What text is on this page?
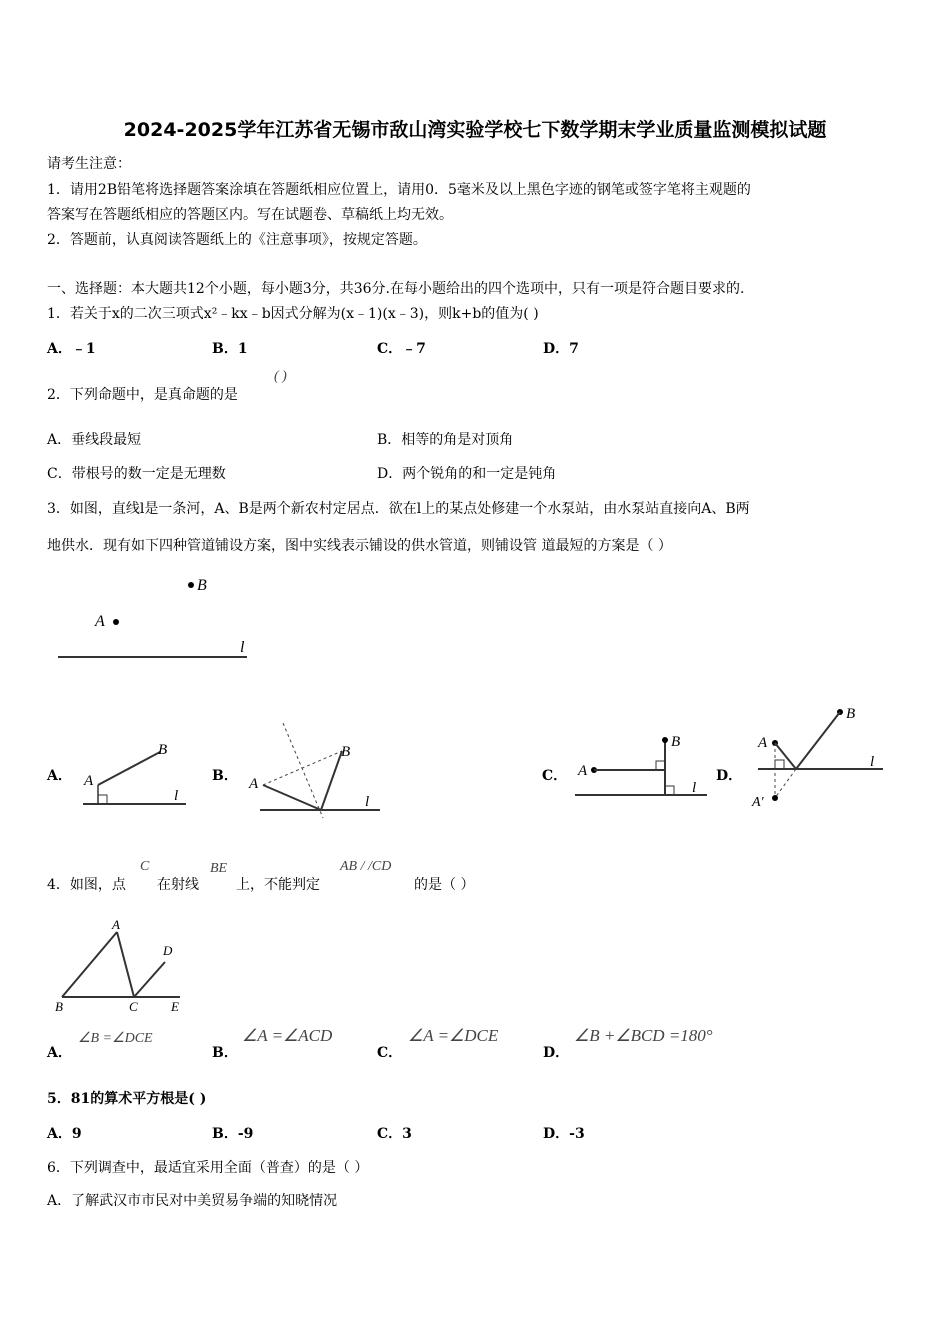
2024-2025学年江苏省无锡市敌山湾实验学校七下数学期末学业质量监测模拟试题
请考生注意：
1．请用2B铅笔将选择题答案涂填在答题纸相应位置上，请用0．5毫米及以上黑色字迹的钢笔或签字笔将主观题的
答案写在答题纸相应的答题区内。写在试题卷、草稿纸上均无效。
2．答题前，认真阅读答题纸上的《注意事项》，按规定答题。
一、选择题：本大题共12个小题，每小题3分，共36分.在每小题给出的四个选项中，只有一项是符合题目要求的.
1．若关于x的二次三项式x²﹣kx﹣b因式分解为(x﹣1)(x﹣3)，则k+b的值为( )
A．﹣1	B．1	C．﹣7	D．7
2．下列命题中，是真命题的是
( )
A．垂线段最短	B．相等的角是对顶角
C．带根号的数一定是无理数	D．两个锐角的和一定是钝角
3．如图，直线l是一条河，A、B是两个新农村定居点．欲在l上的某点处修建一个水泵站，由水泵站直接向A、B两
地供水．现有如下四种管道铺设方案，图中实线表示铺设的供水管道，则铺设管 道最短的方案是（ ）
B
A
l
A． A
B
l
B． A
B
l
C． A
B
l
D．
A
B
l
A'
4．如图，点
C
在射线
BE
上，不能判定
AB / /CD
的是（ ）
A
B	C
D
E
A．
∠B =∠DCE
B．
∠A =∠ACD
C．
∠A =∠DCE
D．
∠B +∠BCD =180°
5．81的算术平方根是( )
A．9	B．-9	C．3	D．-3
6．下列调查中，最适宜采用全面（普查）的是（ ）
A．了解武汉市市民对中美贸易争端的知晓情况
